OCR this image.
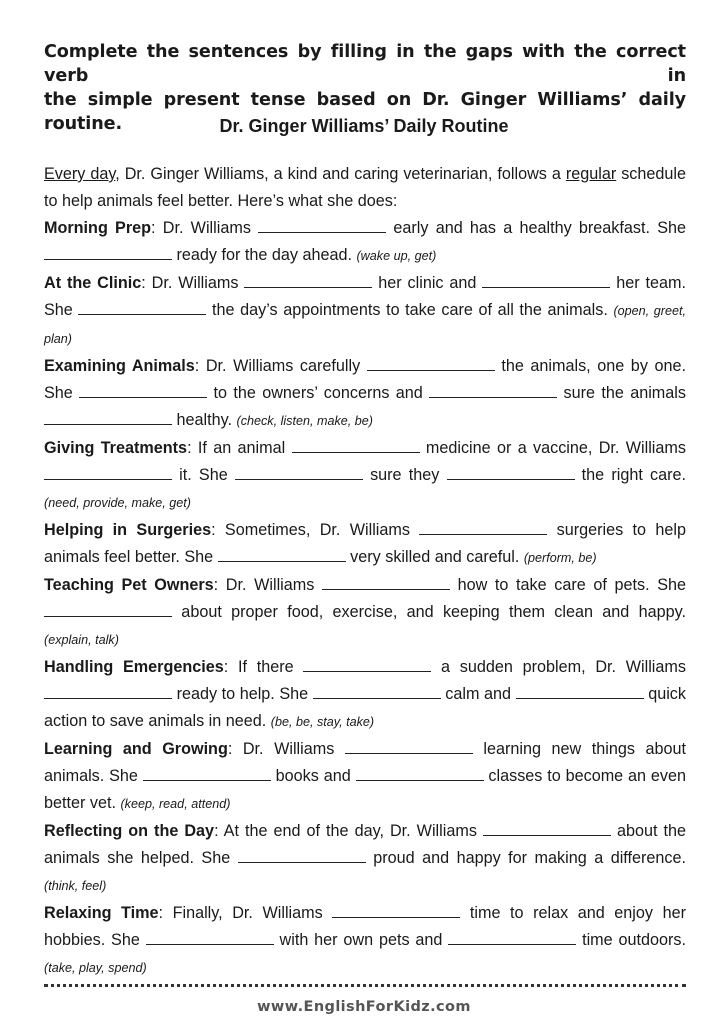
Complete the sentences by filling in the gaps with the correct verb in
the simple present tense based on Dr. Ginger Williams’ daily routine.	Dr. Ginger Williams’ Daily Routine

Every day, Dr. Ginger Williams, a kind and caring veterinarian, follows a regular schedule to help animals feel better. Here’s what she does:

Morning Prep: Dr. Williams	early and has a healthy breakfast. She  ready for the day ahead. (wake up, get)

At the Clinic: Dr. Williams	her clinic and	her team. She	the day’s appointments to take care of all the animals. (open, greet, plan)

Examining Animals: Dr. Williams carefully	the animals, one by one. She	to the owners’ concerns and	sure the animals  healthy. (check, listen, make, be)

Giving Treatments: If an animal	medicine or a vaccine, Dr. Williams  it. She	sure they	the right care. (need, provide, make, get)

Helping in Surgeries: Sometimes, Dr. Williams	surgeries to help animals feel better. She	very skilled and careful. (perform, be)

Teaching Pet Owners: Dr. Williams	how to take care of pets. She  about proper food, exercise, and keeping them clean and happy. (explain, talk)

Handling Emergencies: If there	a sudden problem, Dr. Williams  ready to help. She	calm and	quick action to save animals in need. (be, be, stay, take)

Learning and Growing: Dr. Williams	learning new things about animals. She	books and	classes to become an even better vet. (keep, read, attend)

Reflecting on the Day: At the end of the day, Dr. Williams	about the animals she helped. She	proud and happy for making a difference. (think, feel)

Relaxing Time: Finally, Dr. Williams	time to relax and enjoy her hobbies. She	with her own pets and	time outdoors. (take, play, spend)

www.EnglishForKidz.com
